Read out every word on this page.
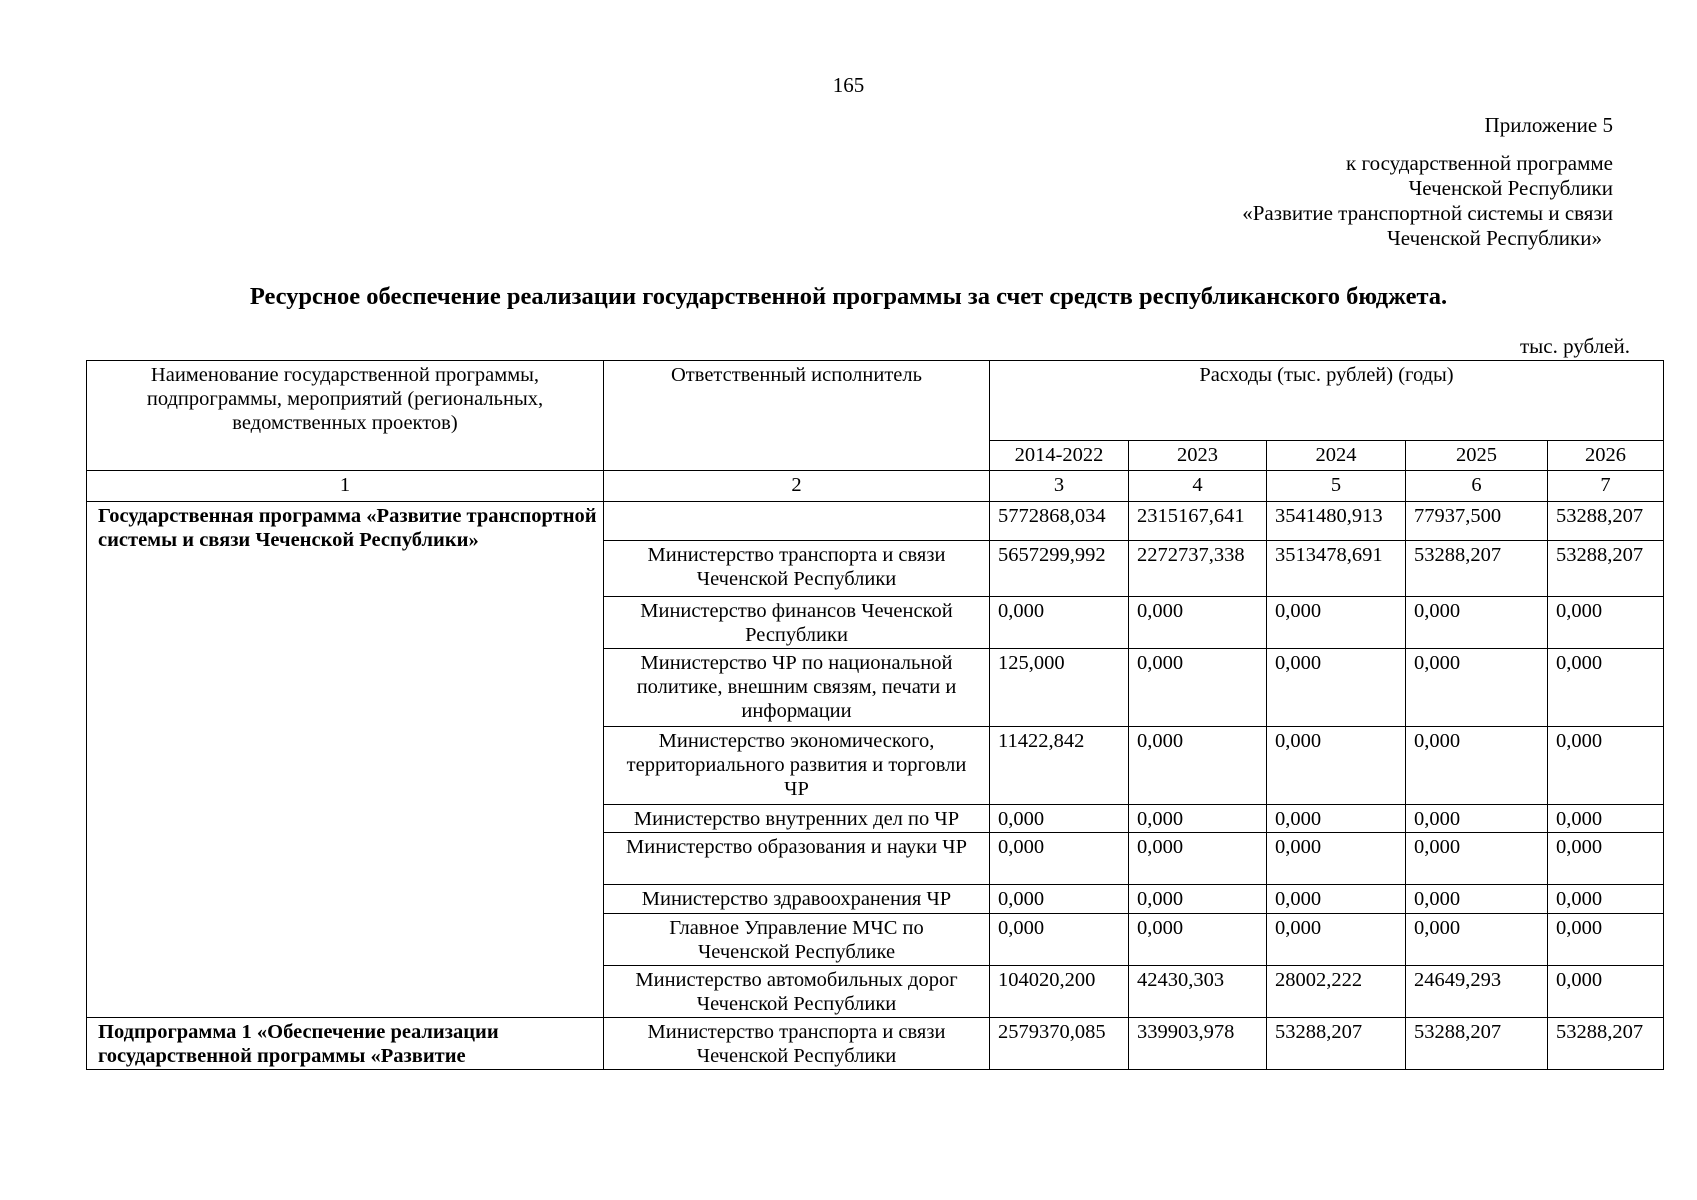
165
Приложение 5
к государственной программе
Чеченской Республики
«Развитие транспортной системы и связи
Чеченской Республики»
Ресурсное обеспечение реализации государственной программы за счет средств республиканского бюджета.
тыс. рублей.
Наименование государственной программы, подпрограммы, мероприятий (региональных, ведомственных проектов)	Ответственный исполнитель	Расходы (тыс. рублей) (годы)				
		2014-2022	2023	2024	2025	2026
1	2	3	4	5	6	7
Государственная программа «Развитие транспортной системы и связи Чеченской Республики»		5772868,034	2315167,641	3541480,913	77937,500	53288,207
	Министерство транспорта и связи Чеченской Республики	5657299,992	2272737,338	3513478,691	53288,207	53288,207
	Министерство финансов Чеченской Республики	0,000	0,000	0,000	0,000	0,000
	Министерство ЧР по национальной политике, внешним связям, печати и информации	125,000	0,000	0,000	0,000	0,000
	Министерство экономического, территориального развития и торговли ЧР	11422,842	0,000	0,000	0,000	0,000
	Министерство внутренних дел по ЧР	0,000	0,000	0,000	0,000	0,000
	Министерство образования и науки ЧР	0,000	0,000	0,000	0,000	0,000
	Министерство здравоохранения ЧР	0,000	0,000	0,000	0,000	0,000
	Главное Управление МЧС по Чеченской Республике	0,000	0,000	0,000	0,000	0,000
	Министерство автомобильных дорог Чеченской Республики	104020,200	42430,303	28002,222	24649,293	0,000
Подпрограмма 1 «Обеспечение реализации государственной программы «Развитие	Министерство транспорта и связи Чеченской Республики	2579370,085	339903,978	53288,207	53288,207	53288,207
